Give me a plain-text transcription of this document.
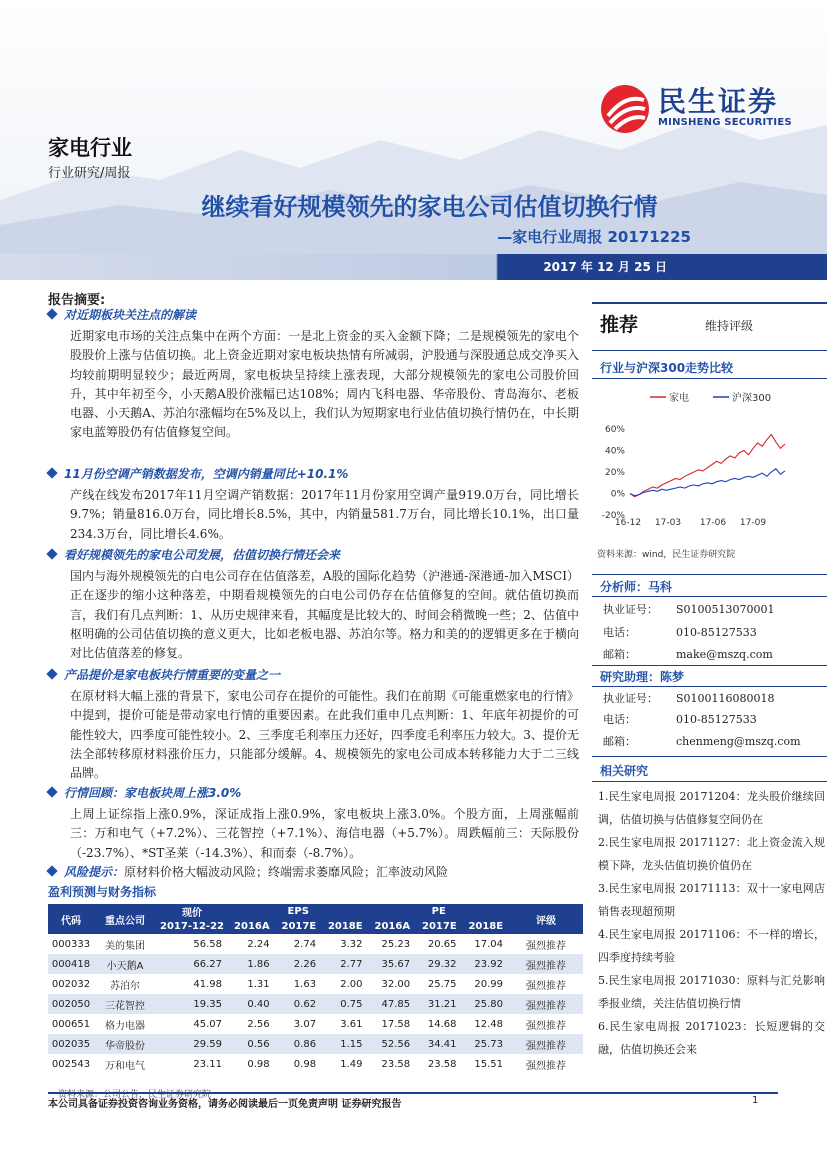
民生证券
MINSHENG SECURITIES
家电行业
行业研究/周报
继续看好规模领先的家电公司估值切换行情
—家电行业周报 20171225
2017 年 12 月 25 日
报告摘要:
对近期板块关注点的解读
近期家电市场的关注点集中在两个方面：一是北上资金的买入金额下降；二是规模领先的家电个股股价上涨与估值切换。北上资金近期对家电板块热情有所减弱，沪股通与深股通总成交净买入均较前期明显较少；最近两周，家电板块呈持续上涨表现，大部分规模领先的家电公司股价回升，其中年初至今，小天鹅A股价涨幅已达108%；周内飞科电器、华帝股份、青岛海尔、老板电器、小天鹅A、苏泊尔涨幅均在5%及以上，我们认为短期家电行业估值切换行情仍在，中长期家电蓝筹股仍有估值修复空间。
11月份空调产销数据发布，空调内销量同比+10.1%
产线在线发布2017年11月空调产销数据：2017年11月份家用空调产量919.0万台，同比增长9.7%；销量816.0万台，同比增长8.5%，其中，内销量581.7万台，同比增长10.1%，出口量234.3万台，同比增长4.6%。
看好规模领先的家电公司发展，估值切换行情还会来
国内与海外规模领先的白电公司存在估值落差，A股的国际化趋势（沪港通-深港通-加入MSCI）正在逐步的缩小这种落差，中期看规模领先的白电公司仍存在估值修复的空间。就估值切换而言，我们有几点判断：1、从历史规律来看，其幅度是比较大的、时间会稍微晚一些；2、估值中枢明确的公司估值切换的意义更大，比如老板电器、苏泊尔等。格力和美的的逻辑更多在于横向对比估值落差的修复。
产品提价是家电板块行情重要的变量之一
在原材料大幅上涨的背景下，家电公司存在提价的可能性。我们在前期《可能重燃家电的行情》中提到，提价可能是带动家电行情的重要因素。在此我们重申几点判断：1、年底年初提价的可能性较大，四季度可能性较小。2、三季度毛利率压力还好，四季度毛利率压力较大。3、提价无法全部转移原材料涨价压力，只能部分缓解。4、规模领先的家电公司成本转移能力大于二三线品牌。
行情回顾：家电板块周上涨3.0%
上周上证综指上涨0.9%，深证成指上涨0.9%，家电板块上涨3.0%。个股方面，上周涨幅前三：万和电气（+7.2%）、三花智控（+7.1%）、海信电器（+5.7%）。周跌幅前三：天际股份（-23.7%）、*ST圣莱（-14.3%）、和而泰（-8.7%）。
风险提示：原材料价格大幅波动风险；终端需求萎靡风险；汇率波动风险
盈利预测与财务指标
代码	重点公司	现价	EPS			PE			评级
		2017-12-22	2016A	2017E	2018E	2016A	2017E	2018E	
000333	美的集团	56.58	2.24	2.74	3.32	25.23	20.65	17.04	强烈推荐
000418	小天鹅A	66.27	1.86	2.26	2.77	35.67	29.32	23.92	强烈推荐
002032	苏泊尔	41.98	1.31	1.63	2.00	32.00	25.75	20.99	强烈推荐
002050	三花智控	19.35	0.40	0.62	0.75	47.85	31.21	25.80	强烈推荐
000651	格力电器	45.07	2.56	3.07	3.61	17.58	14.68	12.48	强烈推荐
002035	华帝股份	29.59	0.56	0.86	1.15	52.56	34.41	25.73	强烈推荐
002543	万和电气	23.11	0.98	0.98	1.49	23.58	23.58	15.51	强烈推荐
资料来源：公司公告，民生证券研究院
推荐	维持评级
行业与沪深300走势比较
家电	沪深300
60%
40%
20%
0%
-20%
16-12 17-03 17-06 17-09
资料来源：wind，民生证券研究院
分析师：马科
执业证号： S0100513070001
电话：	010-85127533
邮箱：	make@mszq.com
研究助理：陈梦
执业证号： S0100116080018
电话：	010-85127533
邮箱：	chenmeng@mszq.com
相关研究
1.民生家电周报 20171204：龙头股价继续回调，估值切换与估值修复空间仍在
2.民生家电周报 20171127：北上资金流入规模下降，龙头估值切换价值仍在
3.民生家电周报 20171113：双十一家电网店销售表现超预期
4.民生家电周报 20171106：不一样的增长，四季度持续考验
5.民生家电周报 20171030：原料与汇兑影响季报业绩，关注估值切换行情
6.民生家电周报 20171023：长短逻辑的交融，估值切换还会来
本公司具备证券投资咨询业务资格，请务必阅读最后一页免责声明 证券研究报告	1
